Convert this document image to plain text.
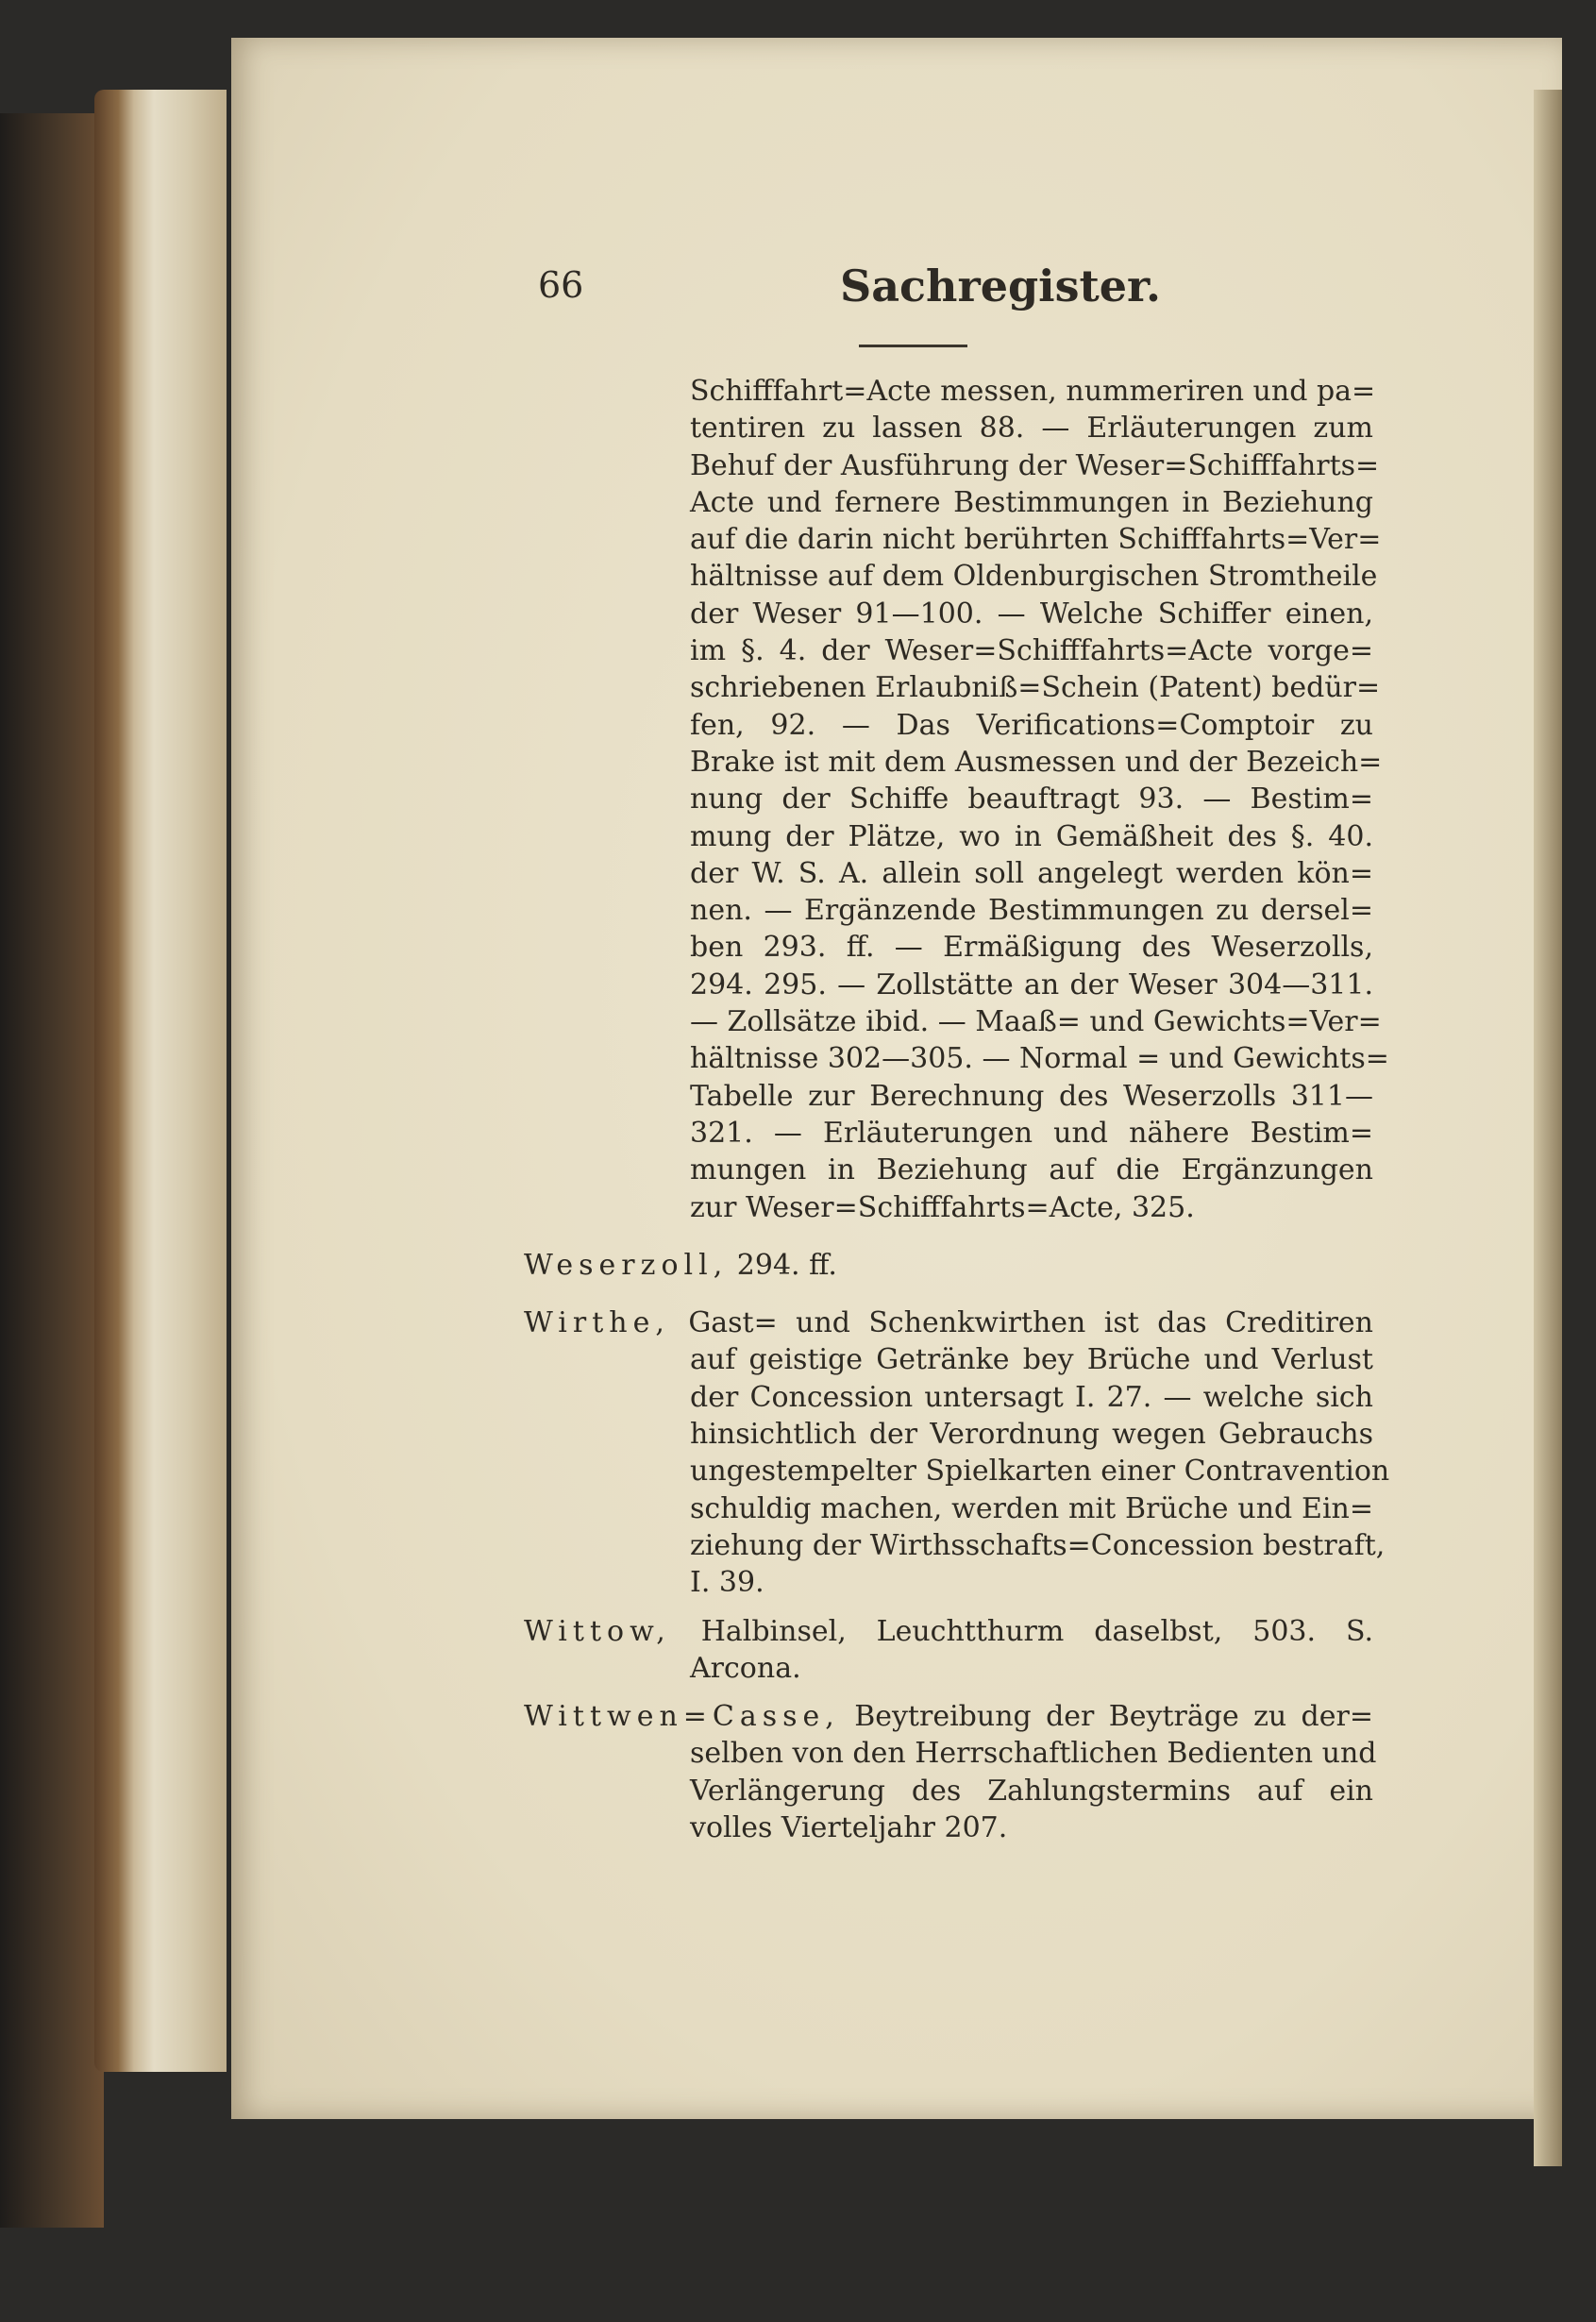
66	Sachregister.
Schifffahrt=Acte messen, nummeriren und pa=
tentiren zu lassen 88. — Erläuterungen zum
Behuf der Ausführung der Weser=Schifffahrts=
Acte und fernere Bestimmungen in Beziehung
auf die darin nicht berührten Schifffahrts=Ver=
hältnisse auf dem Oldenburgischen Stromtheile
der Weser 91—100. — Welche Schiffer einen,
im §. 4. der Weser=Schifffahrts=Acte vorge=
schriebenen Erlaubniß=Schein (Patent) bedür=
fen, 92. — Das Verifications=Comptoir zu
Brake ist mit dem Ausmessen und der Bezeich=
nung der Schiffe beauftragt 93. — Bestim=
mung der Plätze, wo in Gemäßheit des §. 40.
der W. S. A. allein soll angelegt werden kön=
nen. — Ergänzende Bestimmungen zu dersel=
ben 293. ff. — Ermäßigung des Weserzolls,
294. 295. — Zollstätte an der Weser 304—311.
— Zollsätze ibid. — Maaß= und Gewichts=Ver=
hältnisse 302—305. — Normal = und Gewichts=
Tabelle zur Berechnung des Weserzolls 311—
321. — Erläuterungen und nähere Bestim=
mungen in Beziehung auf die Ergänzungen
zur Weser=Schifffahrts=Acte, 325.
Weserzoll, 294. ff.
Wirthe, Gast= und Schenkwirthen ist das Creditiren
auf geistige Getränke bey Brüche und Verlust
der Concession untersagt I. 27. — welche sich
hinsichtlich der Verordnung wegen Gebrauchs
ungestempelter Spielkarten einer Contravention
schuldig machen, werden mit Brüche und Ein=
ziehung der Wirthsschafts=Concession bestraft,
I. 39.
Wittow, Halbinsel, Leuchtthurm daselbst, 503. S.
Arcona.
Wittwen=Casse, Beytreibung der Beyträge zu der=
selben von den Herrschaftlichen Bedienten und
Verlängerung des Zahlungstermins auf ein
volles Vierteljahr 207.
